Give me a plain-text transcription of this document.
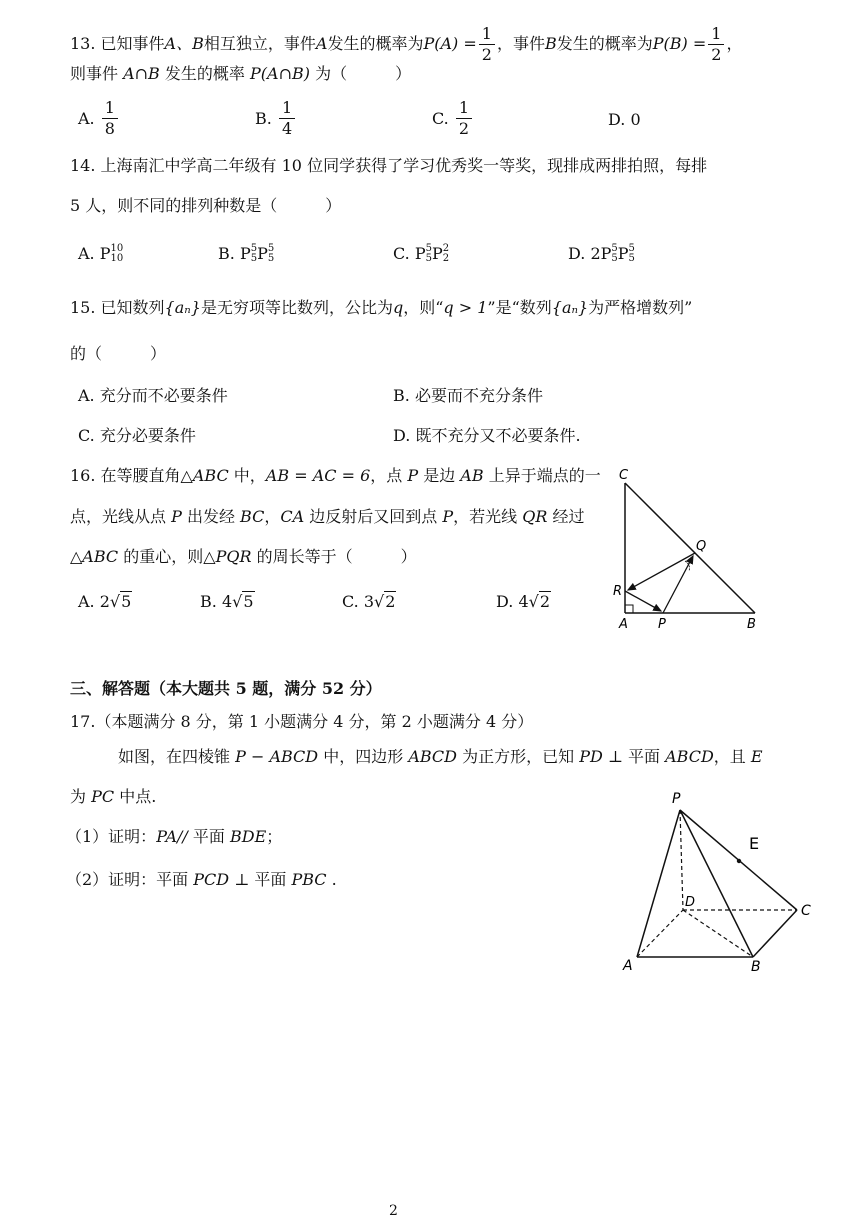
13. 已知事件 A、B 相互独立，事件 A 发生的概率为 $P(A) = \frac{1}{2}$ ，事件 B 发生的概率为 $P(B) = \frac{1}{2}$ ，
则事件 A∩B 发生的概率 P(A∩B) 为（　　　）
A.
$\frac{1}{8}$	B.
$\frac{1}{4}$	C.
$\frac{1}{2}$	D. 0
14. 上海南汇中学高二年级有 10 位同学获得了学习优秀奖一等奖，现排成两排拍照，每排
5 人，则不同的排列种数是（　　　）
A.
P 10
10	B.
P 5
5 P 5
5	C.
P 5
5 P 2
2	D.
2 P 5
5 P 5
5
15. 已知数列{aₙ}是无穷项等比数列，公比为q，则“q > 1”是“数列{aₙ}为严格增数列”
的（　　　）
A. 充分而不必要条件	B. 必要而不充分条件
C. 充分必要条件	D. 既不充分又不必要条件.
16. 在等腰直角△ABC 中，AB = AC = 6，点 P 是边 AB 上异于端点的一
点，光线从点 P 出发经 BC，CA 边反射后又回到点 P，若光线 QR 经过
△ABC 的重心，则△PQR 的周长等于（　　　）
A. 2√5	B. 4√5	C. 3√2	D. 4√2
C
Q
R
A P	B
三、解答题（本大题共 5 题，满分 52 分）
17.（本题满分 8 分，第 1 小题满分 4 分，第 2 小题满分 4 分）
如图，在四棱锥 P − ABCD 中，四边形 ABCD 为正方形，已知 PD ⊥ 平面 ABCD，且 E
为 PC 中点.
（1）证明：PA// 平面 BDE；
（2）证明：平面 PCD ⊥ 平面 PBC .
P
E
D
C
A	B
2
